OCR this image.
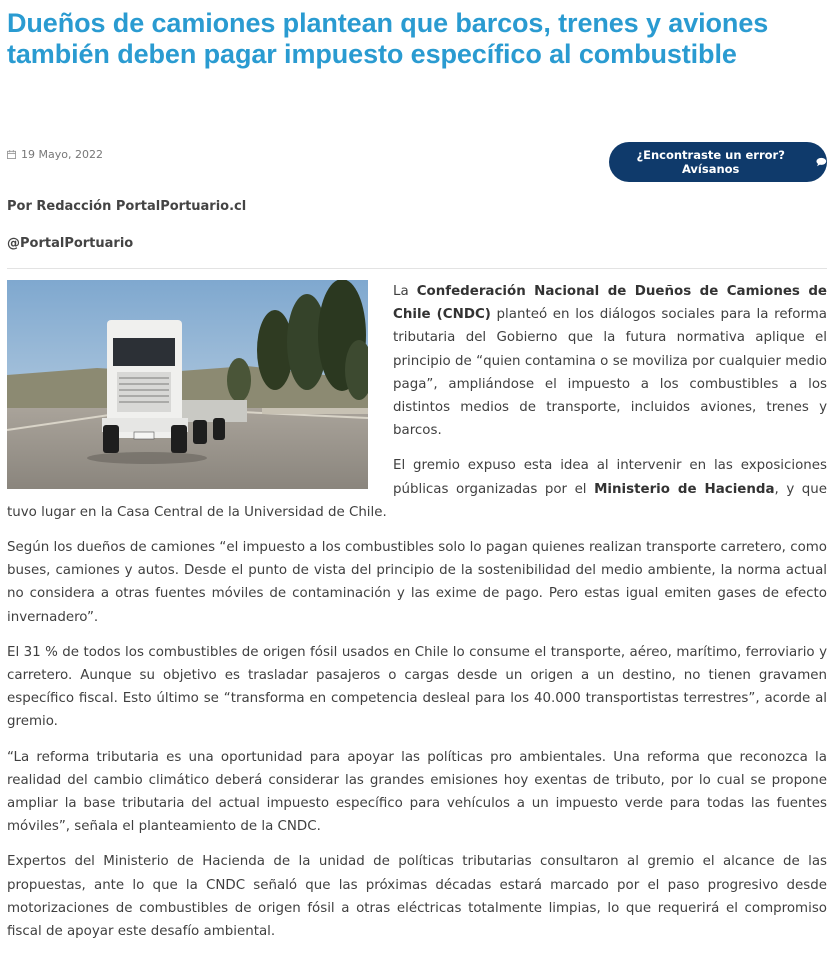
Dueños de camiones plantean que barcos, trenes y aviones también deben pagar impuesto específico al combustible
19 Mayo, 2022	¿Encontraste un error? Avísanos

Por Redacción PortalPortuario.cl

@PortalPortuario

La Confederación Nacional de Dueños de Camiones de Chile (CNDC) planteó en los diálogos sociales para la reforma tributaria del Gobierno que la futura normativa aplique el principio de “quien contamina o se moviliza por cualquier medio paga”, ampliándose el impuesto a los combustibles a los distintos medios de transporte, incluidos aviones, trenes y barcos.

El gremio expuso esta idea al intervenir en las exposiciones públicas organizadas por el Ministerio de Hacienda, y que tuvo lugar en la Casa Central de la Universidad de Chile.

Según los dueños de camiones “el impuesto a los combustibles solo lo pagan quienes realizan transporte carretero, como buses, camiones y autos. Desde el punto de vista del principio de la sostenibilidad del medio ambiente, la norma actual no considera a otras fuentes móviles de contaminación y las exime de pago. Pero estas igual emiten gases de efecto invernadero”.

El 31 % de todos los combustibles de origen fósil usados en Chile lo consume el transporte, aéreo, marítimo, ferroviario y carretero. Aunque su objetivo es trasladar pasajeros o cargas desde un origen a un destino, no tienen gravamen específico fiscal. Esto último se “transforma en competencia desleal para los 40.000 transportistas terrestres”, acorde al gremio.

“La reforma tributaria es una oportunidad para apoyar las políticas pro ambientales. Una reforma que reconozca la realidad del cambio climático deberá considerar las grandes emisiones hoy exentas de tributo, por lo cual se propone ampliar la base tributaria del actual impuesto específico para vehículos a un impuesto verde para todas las fuentes móviles”, señala el planteamiento de la CNDC.

Expertos del Ministerio de Hacienda de la unidad de políticas tributarias consultaron al gremio el alcance de las propuestas, ante lo que la CNDC señaló que las próximas décadas estará marcado por el paso progresivo desde motorizaciones de combustibles de origen fósil a otras eléctricas totalmente limpias, lo que requerirá el compromiso fiscal de apoyar este desafío ambiental.
